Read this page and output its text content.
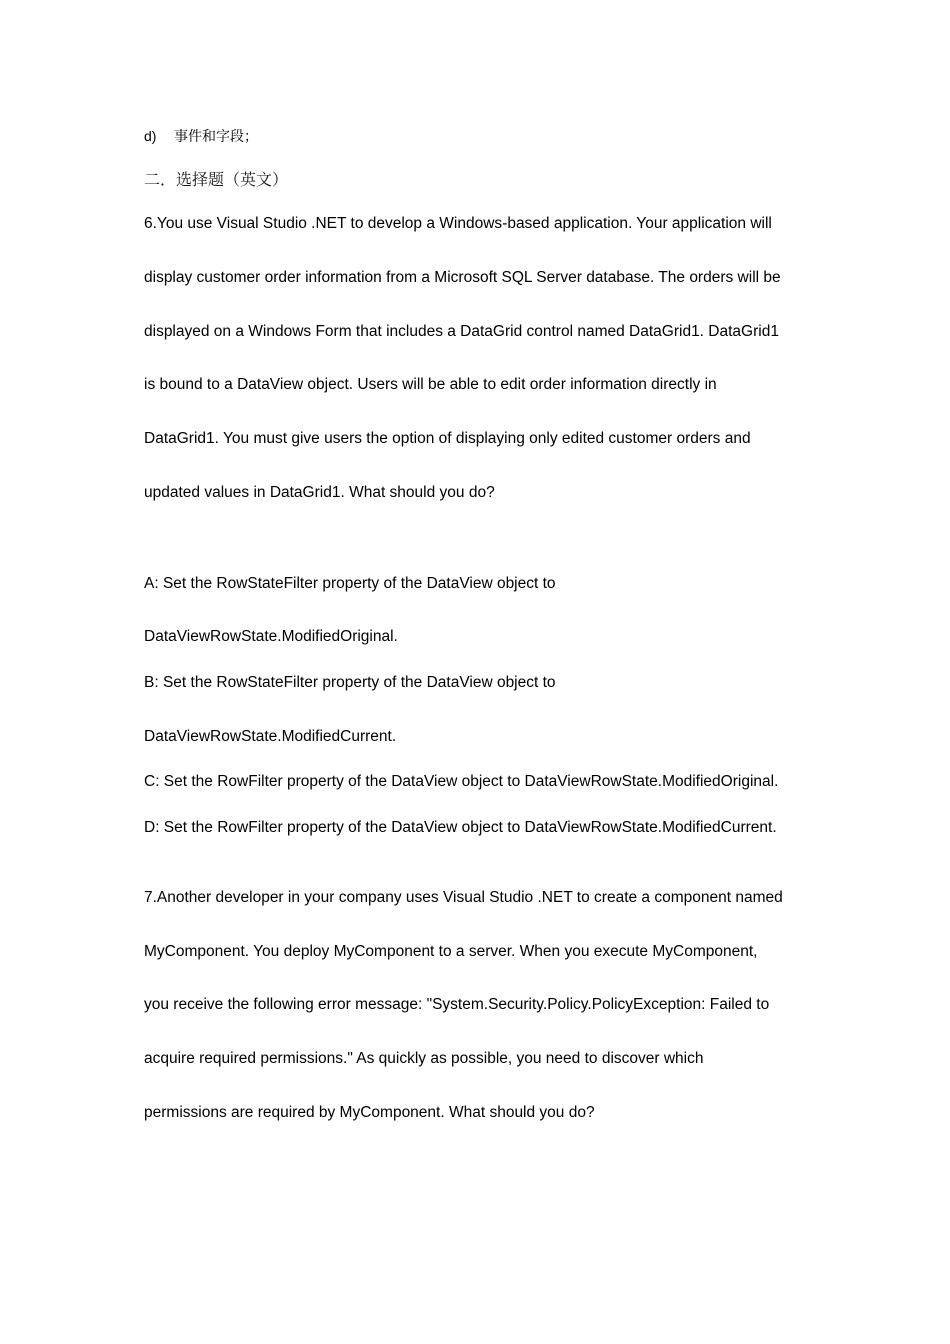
d) 事件和字段；
二．选择题（英文）
6.You use Visual Studio .NET to develop a Windows-based application. Your application will
display customer order information from a Microsoft SQL Server database. The orders will be
displayed on a Windows Form that includes a DataGrid control named DataGrid1. DataGrid1
is bound to a DataView object. Users will be able to edit order information directly in
DataGrid1. You must give users the option of displaying only edited customer orders and
updated values in DataGrid1. What should you do?
A: Set the RowStateFilter property of the DataView object to
DataViewRowState.ModifiedOriginal.
B: Set the RowStateFilter property of the DataView object to
DataViewRowState.ModifiedCurrent.
C: Set the RowFilter property of the DataView object to DataViewRowState.ModifiedOriginal.
D: Set the RowFilter property of the DataView object to DataViewRowState.ModifiedCurrent.
7.Another developer in your company uses Visual Studio .NET to create a component named
MyComponent. You deploy MyComponent to a server. When you execute MyComponent,
you receive the following error message: "System.Security.Policy.PolicyException: Failed to
acquire required permissions." As quickly as possible, you need to discover which
permissions are required by MyComponent. What should you do?
